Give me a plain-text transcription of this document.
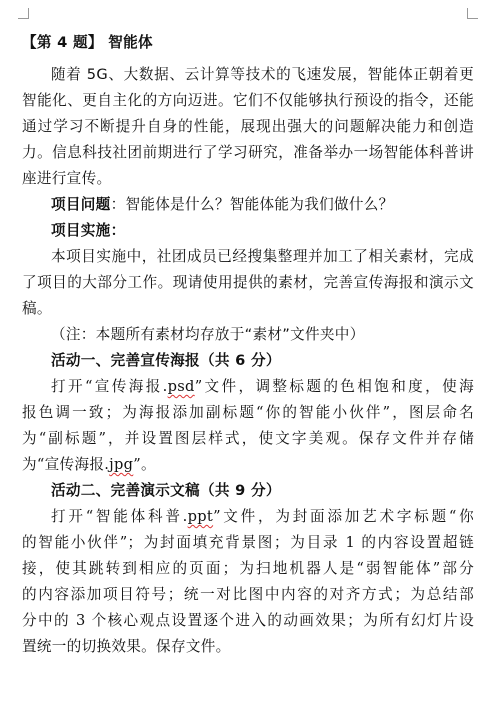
【第 4 题】 智能体
随着 5G、大数据、云计算等技术的飞速发展，智能体正朝着更
智能化、更自主化的方向迈进。它们不仅能够执行预设的指令，还能
通过学习不断提升自身的性能，展现出强大的问题解决能力和创造
力。信息科技社团前期进行了学习研究，准备举办一场智能体科普讲
座进行宣传。
项目问题：智能体是什么？智能体能为我们做什么？
项目实施：
本项目实施中，社团成员已经搜集整理并加工了相关素材，完成
了项目的大部分工作。现请使用提供的素材，完善宣传海报和演示文
稿。
（注：本题所有素材均存放于“素材”文件夹中）
活动一、完善宣传海报（共 6 分）
打开“宣传海报.psd”文件，调整标题的色相饱和度，使海
报色调一致；为海报添加副标题“你的智能小伙伴”，图层命名
为“副标题”，并设置图层样式，使文字美观。保存文件并存储
为“宣传海报.jpg”。
活动二、完善演示文稿（共 9 分）
打开“智能体科普.ppt”文件，为封面添加艺术字标题“你
的智能小伙伴”；为封面填充背景图；为目录 1 的内容设置超链
接，使其跳转到相应的页面；为扫地机器人是“弱智能体”部分
的内容添加项目符号；统一对比图中内容的对齐方式；为总结部
分中的 3 个核心观点设置逐个进入的动画效果；为所有幻灯片设
置统一的切换效果。保存文件。
